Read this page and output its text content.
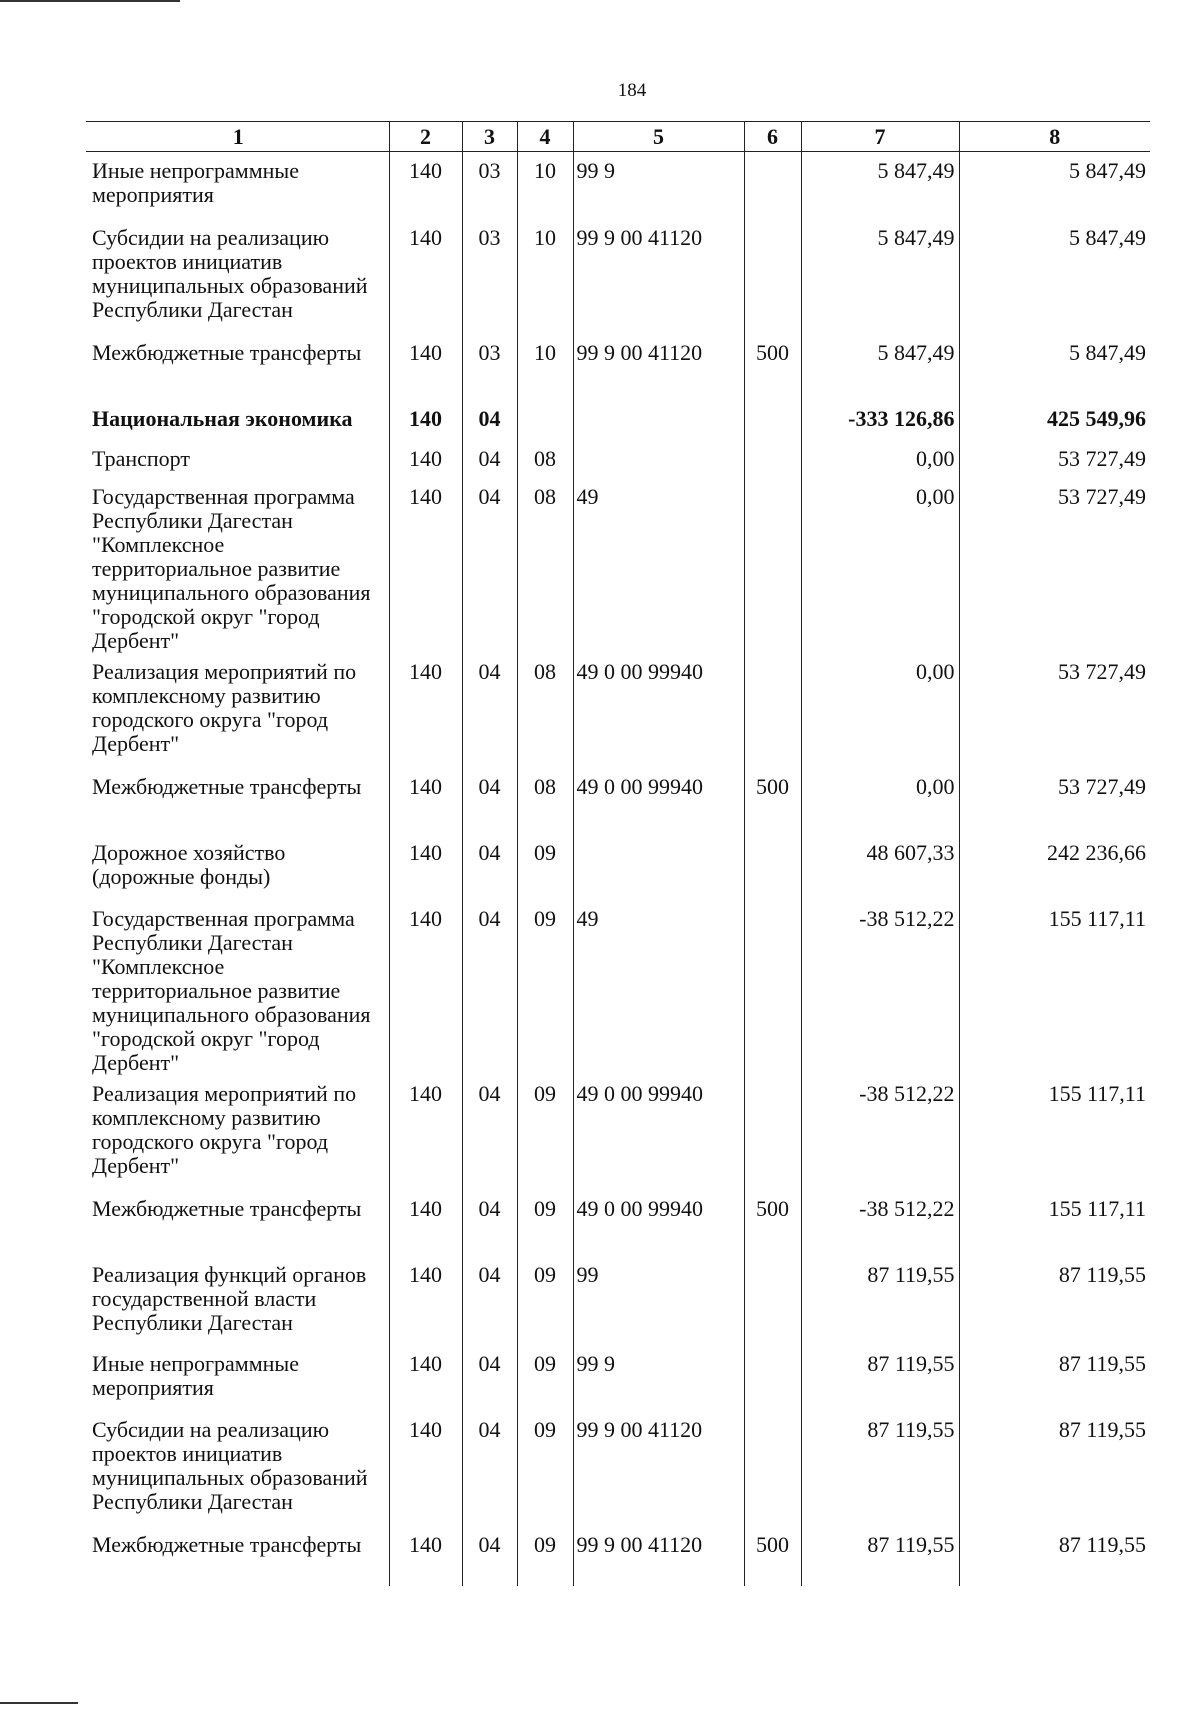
184
1	2	3	4	5	6	7	8
Иные непрограммные мероприятия	140	03	10	99 9		5 847,49	5 847,49
Субсидии на реализацию проектов инициатив муниципальных образований Республики Дагестан	140	03	10	99 9 00 41120		5 847,49	5 847,49
Межбюджетные трансферты	140	03	10	99 9 00 41120	500	5 847,49	5 847,49
Национальная экономика	140	04				-333 126,86	425 549,96
Транспорт	140	04	08			0,00	53 727,49
Государственная программа Республики Дагестан "Комплексное территориальное развитие муниципального образования "городской округ "город Дербент"	140	04	08	49		0,00	53 727,49
Реализация мероприятий по комплексному развитию городского округа "город Дербент"	140	04	08	49 0 00 99940		0,00	53 727,49
Межбюджетные трансферты	140	04	08	49 0 00 99940	500	0,00	53 727,49
Дорожное хозяйство (дорожные фонды)	140	04	09			48 607,33	242 236,66
Государственная программа Республики Дагестан "Комплексное территориальное развитие муниципального образования "городской округ "город Дербент"	140	04	09	49		-38 512,22	155 117,11
Реализация мероприятий по комплексному развитию городского округа "город Дербент"	140	04	09	49 0 00 99940		-38 512,22	155 117,11
Межбюджетные трансферты	140	04	09	49 0 00 99940	500	-38 512,22	155 117,11
Реализация функций органов государственной власти Республики Дагестан	140	04	09	99		87 119,55	87 119,55
Иные непрограммные мероприятия	140	04	09	99 9		87 119,55	87 119,55
Субсидии на реализацию проектов инициатив муниципальных образований Республики Дагестан	140	04	09	99 9 00 41120		87 119,55	87 119,55
Межбюджетные трансферты	140	04	09	99 9 00 41120	500	87 119,55	87 119,55
